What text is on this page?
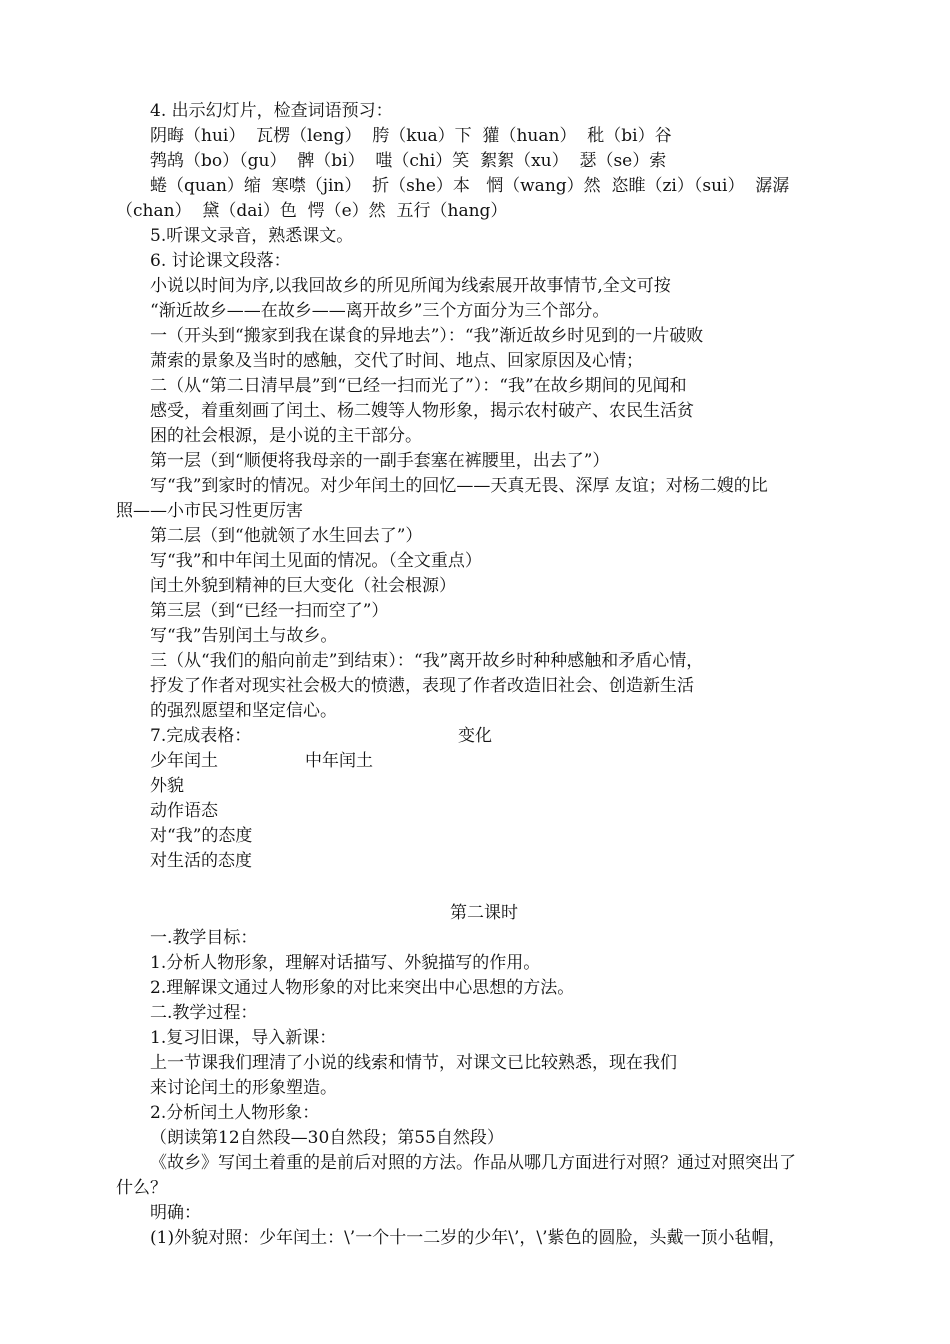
4. 出示幻灯片，检查词语预习：
阴晦（hui）  瓦楞（leng）  胯（kua）下  獾（huan）  秕（bi）谷
鹁鸪（bo）（gu）  髀（bi）  嗤（chi）笑  絮絮（xu）  瑟（se）索
蜷（quan）缩  寒噤（jin）  折（she）本   惘（wang）然  恣睢（zi）（sui）  潺潺
（chan）  黛（dai）色  愕（e）然  五行（hang）
5.听课文录音，熟悉课文。
6. 讨论课文段落：
小说以时间为序,以我回故乡的所见所闻为线索展开故事情节,全文可按
“渐近故乡——在故乡——离开故乡”三个方面分为三个部分。
一（开头到“搬家到我在谋食的异地去”）：“我”渐近故乡时见到的一片破败
萧索的景象及当时的感触，交代了时间、地点、回家原因及心情；
二（从“第二日清早晨”到“已经一扫而光了”）：“我”在故乡期间的见闻和
感受，着重刻画了闰土、杨二嫂等人物形象，揭示农村破产、农民生活贫
困的社会根源，是小说的主干部分。
第一层（到“顺便将我母亲的一副手套塞在裤腰里，出去了”）
写“我”到家时的情况。对少年闰土的回忆——天真无畏、深厚 友谊；对杨二嫂的比
照——小市民习性更厉害
第二层（到“他就领了水生回去了”）
写“我”和中年闰土见面的情况。（全文重点）
闰土外貌到精神的巨大变化（社会根源）
第三层（到“已经一扫而空了”）
写“我”告别闰土与故乡。
三（从“我们的船向前走”到结束）：“我”离开故乡时种种感触和矛盾心情，
抒发了作者对现实社会极大的愤懑，表现了作者改造旧社会、创造新生活
的强烈愿望和坚定信心。
7.完成表格：	变化
少年闰土	中年闰土
外貌
动作语态
对“我”的态度
对生活的态度
第二课时
一.教学目标：
1.分析人物形象，理解对话描写、外貌描写的作用。
2.理解课文通过人物形象的对比来突出中心思想的方法。
二.教学过程：
1.复习旧课，导入新课：
上一节课我们理清了小说的线索和情节，对课文已比较熟悉，现在我们
来讨论闰土的形象塑造。
2.分析闰土人物形象：
（朗读第12自然段—30自然段；第55自然段）
《故乡》写闰土着重的是前后对照的方法。作品从哪几方面进行对照？通过对照突出了
什么？
明确：
(1)外貌对照：少年闰土：\’一个十一二岁的少年\’，\’紫色的圆脸，头戴一顶小毡帽，
